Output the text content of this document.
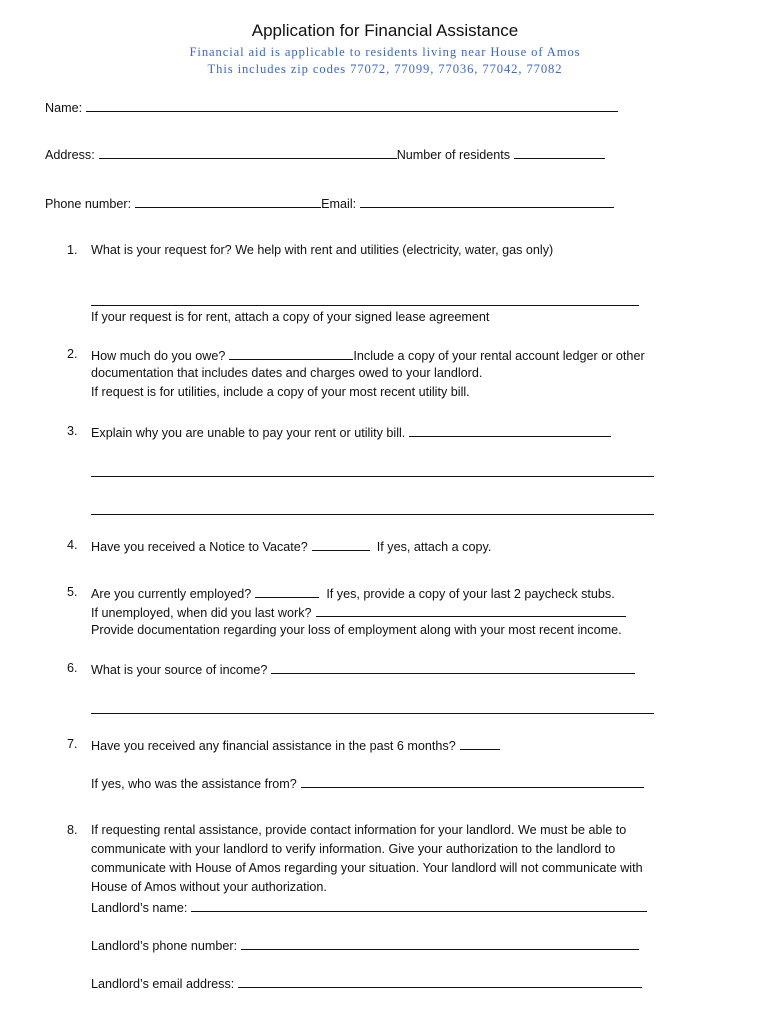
Application for Financial Assistance
Financial aid is applicable to residents living near House of Amos
This includes zip codes 77072, 77099, 77036, 77042, 77082
Name:
Address:	Number of residents
Phone number:	Email:
1. What is your request for? We help with rent and utilities (electricity, water, gas only)
If your request is for rent, attach a copy of your signed lease agreement
2. How much do you owe?	Include a copy of your rental account ledger or other
documentation that includes dates and charges owed to your landlord.
If request is for utilities, include a copy of your most recent utility bill.
3. Explain why you are unable to pay your rent or utility bill.
4. Have you received a Notice to Vacate?	If yes, attach a copy.
5. Are you currently employed?	If yes, provide a copy of your last 2 paycheck stubs.
If unemployed, when did you last work?
Provide documentation regarding your loss of employment along with your most recent income.
6. What is your source of income?
7. Have you received any financial assistance in the past 6 months?
If yes, who was the assistance from?
8. If requesting rental assistance, provide contact information for your landlord. We must be able to
communicate with your landlord to verify information. Give your authorization to the landlord to
communicate with House of Amos regarding your situation. Your landlord will not communicate with
House of Amos without your authorization.
Landlord’s name:
Landlord’s phone number:
Landlord’s email address:
